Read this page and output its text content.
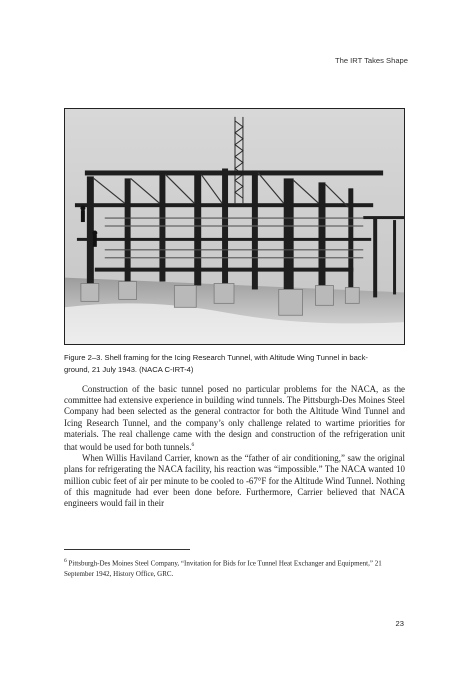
The IRT Takes Shape
Figure 2–3. Shell framing for the Icing Research Tunnel, with Altitude Wing Tunnel in back-
ground, 21 July 1943. (NACA C-IRT-4)

Construction of the basic tunnel posed no particular problems for the NACA, as the committee had extensive experience in building wind tunnels. The Pittsburgh-Des Moines Steel Company had been selected as the general contractor for both the Altitude Wind Tunnel and Icing Research Tunnel, and the company’s only challenge related to wartime priorities for materials. The real challenge came with the design and construction of the refrigeration unit that would be used for both tunnels.$^6$

When Willis Haviland Carrier, known as the “father of air conditioning,” saw the original plans for refrigerating the NACA facility, his reaction was “impossible.” The NACA wanted 10 million cubic feet of air per minute to be cooled to -67°F for the Altitude Wind Tunnel. Nothing of this magnitude had ever been done before. Furthermore, Carrier believed that NACA engineers would fail in their

$^6$ Pittsburgh-Des Moines Steel Company, “Invitation for Bids for Ice Tunnel Heat Exchanger and Equipment,” 21 September 1942, History Office, GRC.
23
